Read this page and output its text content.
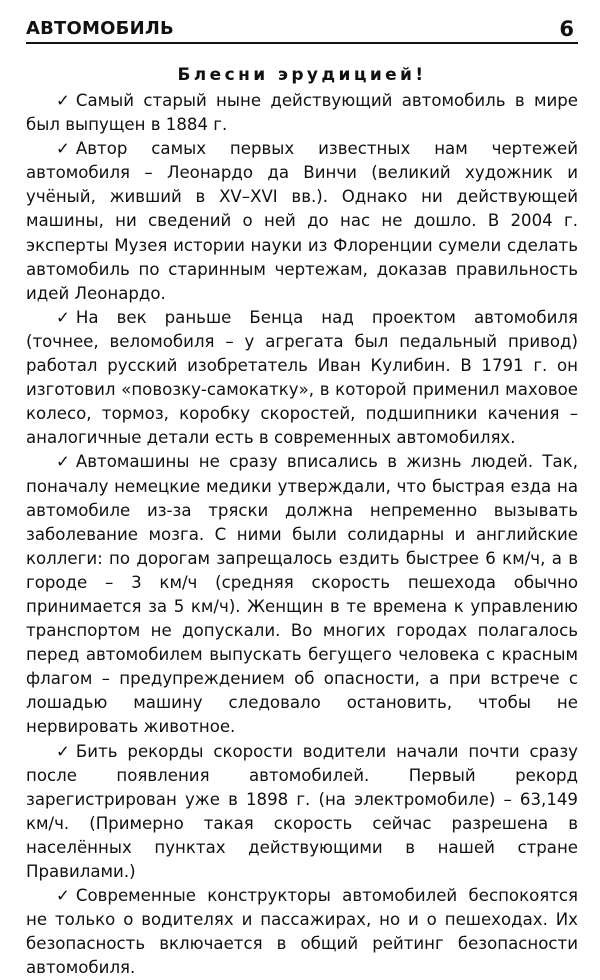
АВТОМОБИЛЬ	6
Блесни эрудицией!

✓ Самый старый ныне действующий автомобиль в мире был выпущен в 1884 г.

✓ Автор самых первых известных нам чертежей автомобиля – Леонардо да Винчи (великий художник и учёный, живший в XV–XVI вв.). Однако ни действующей машины, ни сведений о ней до нас не дошло. В 2004 г. эксперты Музея истории науки из Флоренции сумели сделать автомобиль по старинным чертежам, доказав правильность идей Леонардо.

✓ На век раньше Бенца над проектом автомобиля (точнее, веломобиля – у агрегата был педальный привод) работал русский изобретатель Иван Кулибин. В 1791 г. он изготовил «повозку-самокатку», в которой применил маховое колесо, тормоз, коробку скоростей, подшипники качения – аналогичные детали есть в современных автомобилях.

✓ Автомашины не сразу вписались в жизнь людей. Так, поначалу немецкие медики утверждали, что быстрая езда на автомобиле из-за тряски должна непременно вызывать заболевание мозга. С ними были солидарны и английские коллеги: по дорогам запрещалось ездить быстрее 6 км/ч, а в городе – 3 км/ч (средняя скорость пешехода обычно принимается за 5 км/ч). Женщин в те времена к управлению транспортом не допускали. Во многих городах полагалось перед автомобилем выпускать бегущего человека с красным флагом – предупреждением об опасности, а при встрече с лошадью машину следовало остановить, чтобы не нервировать животное.

✓ Бить рекорды скорости водители начали почти сразу после появления автомобилей. Первый рекорд зарегистрирован уже в 1898 г. (на электромобиле) – 63,149 км/ч. (Примерно такая скорость сейчас разрешена в населённых пунктах действующими в нашей стране Правилами.)

✓ Современные конструкторы автомобилей беспокоятся не только о водителях и пассажирах, но и о пешеходах. Их безопасность включается в общий рейтинг безопасности автомобиля.
